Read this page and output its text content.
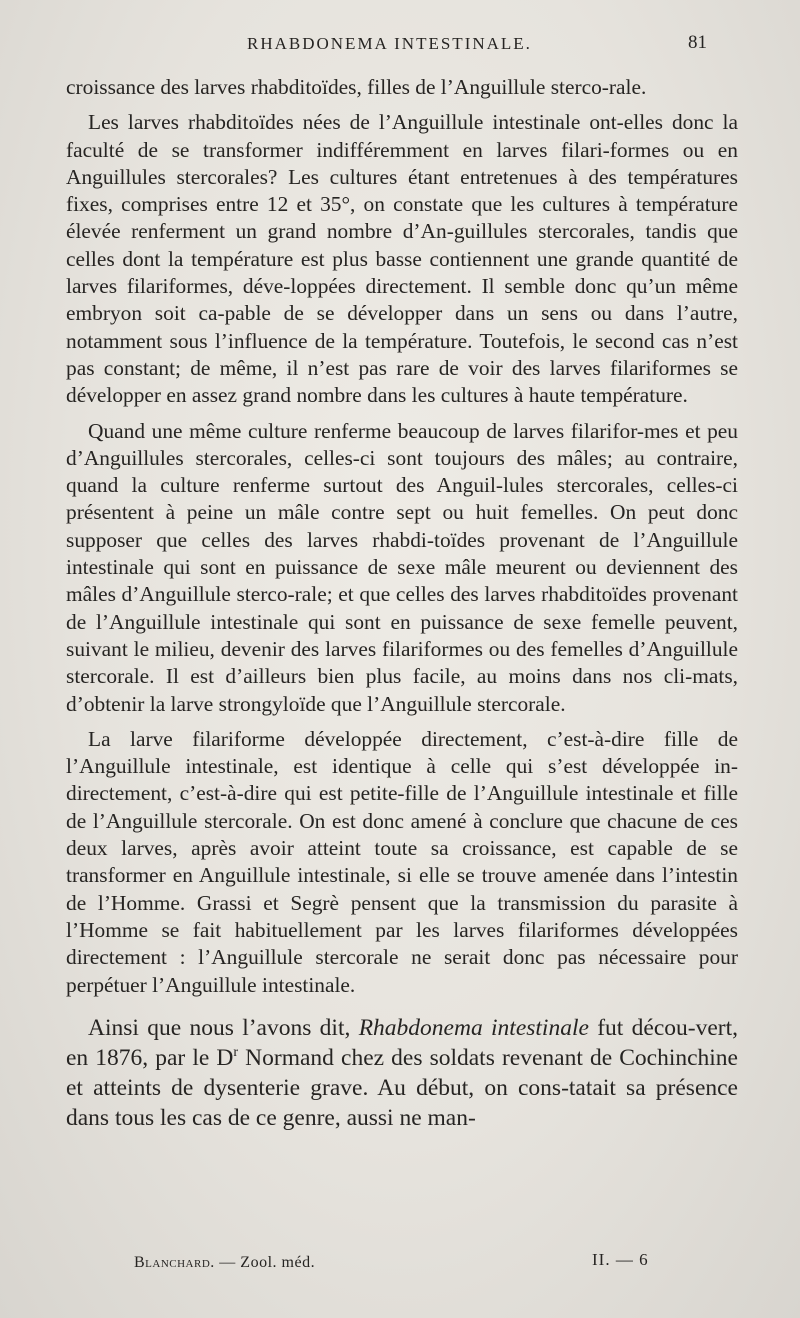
RHABDONEMA INTESTINALE.	81

croissance des larves rhabditoïdes, filles de l’Anguillule sterco-rale.

Les larves rhabditoïdes nées de l’Anguillule intestinale ont-elles donc la faculté de se transformer indifféremment en larves filari-formes ou en Anguillules stercorales? Les cultures étant entretenues à des températures fixes, comprises entre 12 et 35°, on constate que les cultures à température élevée renferment un grand nombre d’An-guillules stercorales, tandis que celles dont la température est plus basse contiennent une grande quantité de larves filariformes, déve-loppées directement. Il semble donc qu’un même embryon soit ca-pable de se développer dans un sens ou dans l’autre, notamment sous l’influence de la température. Toutefois, le second cas n’est pas constant; de même, il n’est pas rare de voir des larves filariformes se développer en assez grand nombre dans les cultures à haute température.

Quand une même culture renferme beaucoup de larves filarifor-mes et peu d’Anguillules stercorales, celles-ci sont toujours des mâles; au contraire, quand la culture renferme surtout des Anguil-lules stercorales, celles-ci présentent à peine un mâle contre sept ou huit femelles. On peut donc supposer que celles des larves rhabdi-toïdes provenant de l’Anguillule intestinale qui sont en puissance de sexe mâle meurent ou deviennent des mâles d’Anguillule sterco-rale; et que celles des larves rhabditoïdes provenant de l’Anguillule intestinale qui sont en puissance de sexe femelle peuvent, suivant le milieu, devenir des larves filariformes ou des femelles d’Anguillule stercorale. Il est d’ailleurs bien plus facile, au moins dans nos cli-mats, d’obtenir la larve strongyloïde que l’Anguillule stercorale.

La larve filariforme développée directement, c’est-à-dire fille de l’Anguillule intestinale, est identique à celle qui s’est développée in-directement, c’est-à-dire qui est petite-fille de l’Anguillule intestinale et fille de l’Anguillule stercorale. On est donc amené à conclure que chacune de ces deux larves, après avoir atteint toute sa croissance, est capable de se transformer en Anguillule intestinale, si elle se trouve amenée dans l’intestin de l’Homme. Grassi et Segrè pensent que la transmission du parasite à l’Homme se fait habituellement par les larves filariformes développées directement : l’Anguillule stercorale ne serait donc pas nécessaire pour perpétuer l’Anguillule intestinale.

Ainsi que nous l’avons dit, Rhabdonema intestinale fut décou-vert, en 1876, par le $D^r$ Normand chez des soldats revenant de Cochinchine et atteints de dysenterie grave. Au début, on cons-tatait sa présence dans tous les cas de ce genre, aussi ne man-

Blanchard. — Zool. méd.	II. — 6
